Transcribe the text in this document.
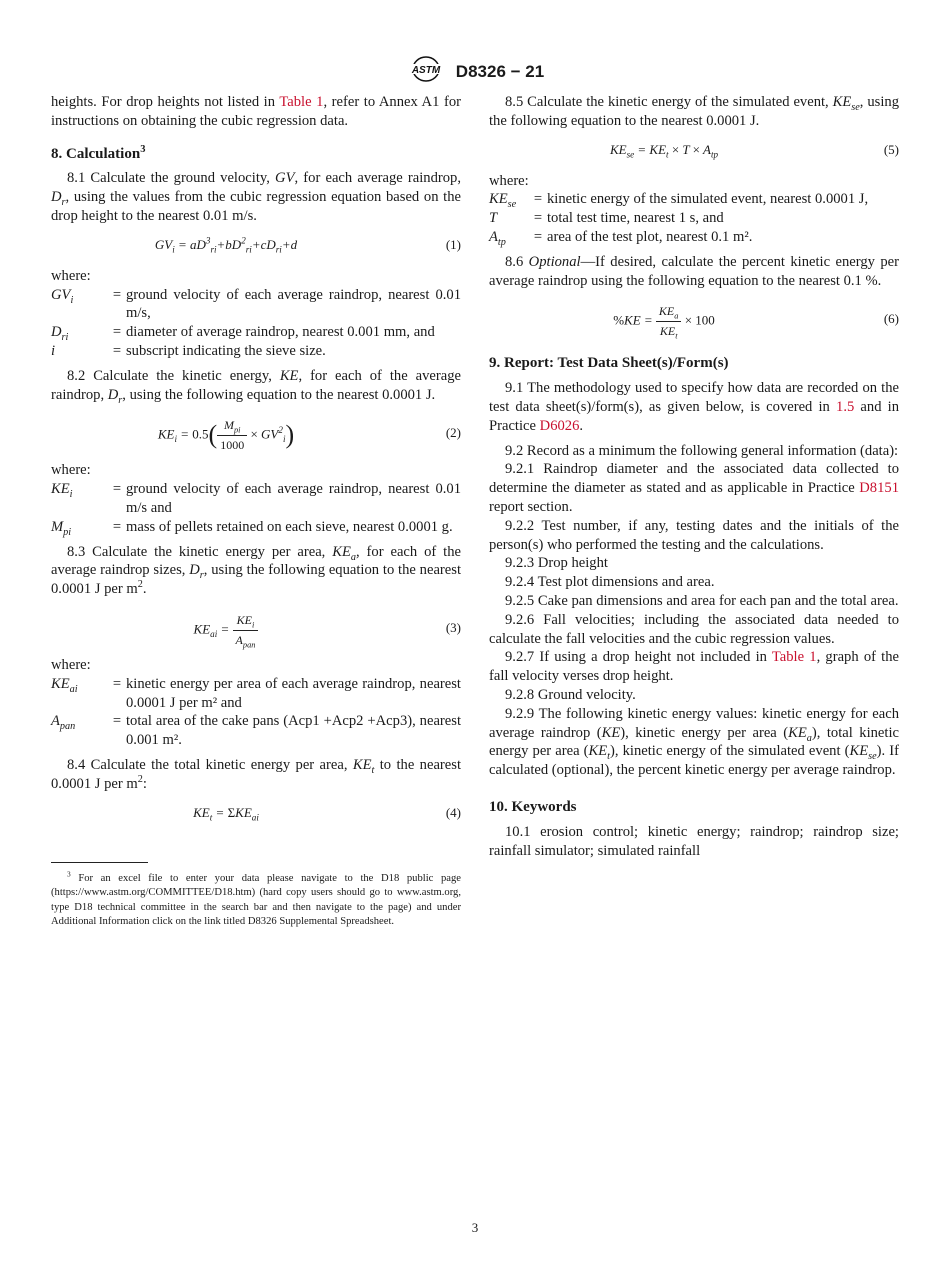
ASTM D8326 − 21

heights. For drop heights not listed in Table 1, refer to Annex A1 for instructions on obtaining the cubic regression data.

8. Calculation$^3$

8.1 Calculate the ground velocity, GV, for each average raindrop, $D_r$, using the values from the cubic regression equation based on the drop height to the nearest 0.01 m/s.

$GV_i = aD^3_{ri}+bD^2_{ri}+cD_{ri}+d$	(1)

where:

$GV_i$	=	ground velocity of each average raindrop, nearest 0.01 m/s,
$D_{ri}$	=	diameter of average raindrop, nearest 0.001 mm, and
i	=	subscript indicating the sieve size.

8.2 Calculate the kinetic energy, KE, for each of the average raindrop, $D_r$, using the following equation to the nearest 0.0001 J.

$KE_i = 0.5( \frac{M_{pi}}{1000} \times GV^2_i)$	(2)

where:

$KE_i$	=	ground velocity of each average raindrop, nearest 0.01 m/s and
$M_{pi}$	=	mass of pellets retained on each sieve, nearest 0.0001 g.

8.3 Calculate the kinetic energy per area, $KE_a$, for each of the average raindrop sizes, $D_r$, using the following equation to the nearest 0.0001 J per $m^2$.

$KE_{ai} = \frac{KE_i}{A_{pan}}$	(3)

where:

$KE_{ai}$	=	kinetic energy per area of each average raindrop, nearest 0.0001 J per m² and
$A_{pan}$	=	total area of the cake pans (Acp1 +Acp2 +Acp3), nearest 0.001 m².

8.4 Calculate the total kinetic energy per area, $KE_t$ to the nearest 0.0001 J per $m^2$:

$KE_t = \Sigma KE_{ai}$	(4)

$^3$ For an excel file to enter your data please navigate to the D18 public page (https://www.astm.org/COMMITTEE/D18.htm) (hard copy users should go to www.astm.org, type D18 technical committee in the search bar and then navigate to the page) and under Additional Information click on the link titled D8326 Supplemental Spreadsheet.

8.5 Calculate the kinetic energy of the simulated event, $KE_{se}$, using the following equation to the nearest 0.0001 J.

$KE_{se} = KE_t \times T \times A_{tp}$	(5)

where:

$KE_{se}$	=	kinetic energy of the simulated event, nearest 0.0001 J,
T	=	total test time, nearest 1 s, and
$A_{tp}$	=	area of the test plot, nearest 0.1 m².

8.6 Optional—If desired, calculate the percent kinetic energy per average raindrop using the following equation to the nearest 0.1 %.

$\%KE = \frac{KE_a}{KE_t} \times 100$	(6)

9. Report: Test Data Sheet(s)/Form(s)

9.1 The methodology used to specify how data are recorded on the test data sheet(s)/form(s), as given below, is covered in 1.5 and in Practice D6026.

9.2 Record as a minimum the following general information (data):

9.2.1 Raindrop diameter and the associated data collected to determine the diameter as stated and as applicable in Practice D8151 report section.

9.2.2 Test number, if any, testing dates and the initials of the person(s) who performed the testing and the calculations.

9.2.3 Drop height

9.2.4 Test plot dimensions and area.

9.2.5 Cake pan dimensions and area for each pan and the total area.

9.2.6 Fall velocities; including the associated data needed to calculate the fall velocities and the cubic regression values.

9.2.7 If using a drop height not included in Table 1, graph of the fall velocity verses drop height.

9.2.8 Ground velocity.

9.2.9 The following kinetic energy values: kinetic energy for each average raindrop (KE), kinetic energy per area $(KE_a)$, total kinetic energy per area $(KE_t)$, kinetic energy of the simulated event $(KE_{se})$. If calculated (optional), the percent kinetic energy per average raindrop.

10. Keywords

10.1 erosion control; kinetic energy; raindrop; raindrop size; rainfall simulator; simulated rainfall

3
